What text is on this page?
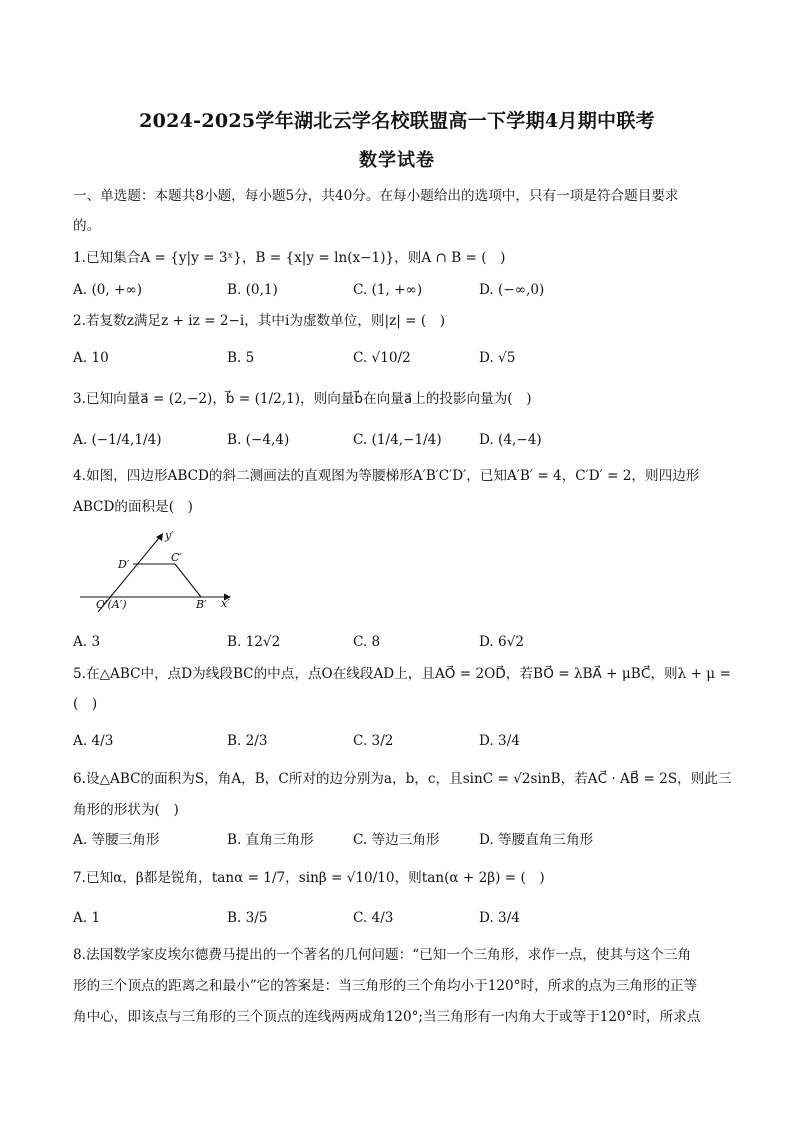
2024-2025学年湖北云学名校联盟高一下学期4月期中联考
数学试卷
一、单选题：本题共8小题，每小题5分，共40分。在每小题给出的选项中，只有一项是符合题目要求
的。
1.已知集合A = {y|y = 3ˣ}，B = {x|y = ln(x−1)}，则A ∩ B = (　)
A. (0, +∞)	B. (0,1)	C. (1, +∞)	D. (−∞,0)
2.若复数z满足z + iz = 2−i，其中i为虚数单位，则|z| = (　)
A. 10	B. 5	C. √10/2	D. √5
3.已知向量a⃗ = (2,−2)，b⃗ = (1/2,1)，则向量b⃗在向量a⃗上的投影向量为(　)
A. (−1/4,1/4)	B. (−4,4)	C. (1/4,−1/4)	D. (4,−4)
4.如图，四边形ABCD的斜二测画法的直观图为等腰梯形A′B′C′D′，已知A′B′ = 4，C′D′ = 2，则四边形
ABCD的面积是(　)
y′
x′
D′
C′
O′(A′)	B′
A. 3	B. 12√2	C. 8	D. 6√2
5.在△ABC中，点D为线段BC的中点，点O在线段AD上，且AO⃗ = 2OD⃗，若BO⃗ = λBA⃗ + μBC⃗，则λ + μ =
(　)
A. 4/3	B. 2/3	C. 3/2	D. 3/4
6.设△ABC的面积为S，角A，B，C所对的边分别为a，b，c，且sinC = √2sinB，若AC⃗ · AB⃗ = 2S，则此三
角形的形状为(　)
A. 等腰三角形	B. 直角三角形	C. 等边三角形	D. 等腰直角三角形
7.已知α，β都是锐角，tanα = 1/7，sinβ = √10/10，则tan(α + 2β) = (　)
A. 1	B. 3/5	C. 4/3	D. 3/4
8.法国数学家皮埃尔德费马提出的一个著名的几何问题：“已知一个三角形，求作一点，使其与这个三角
形的三个顶点的距离之和最小”它的答案是：当三角形的三个角均小于120°时，所求的点为三角形的正等
角中心，即该点与三角形的三个顶点的连线两两成角120°;当三角形有一内角大于或等于120°时，所求点
